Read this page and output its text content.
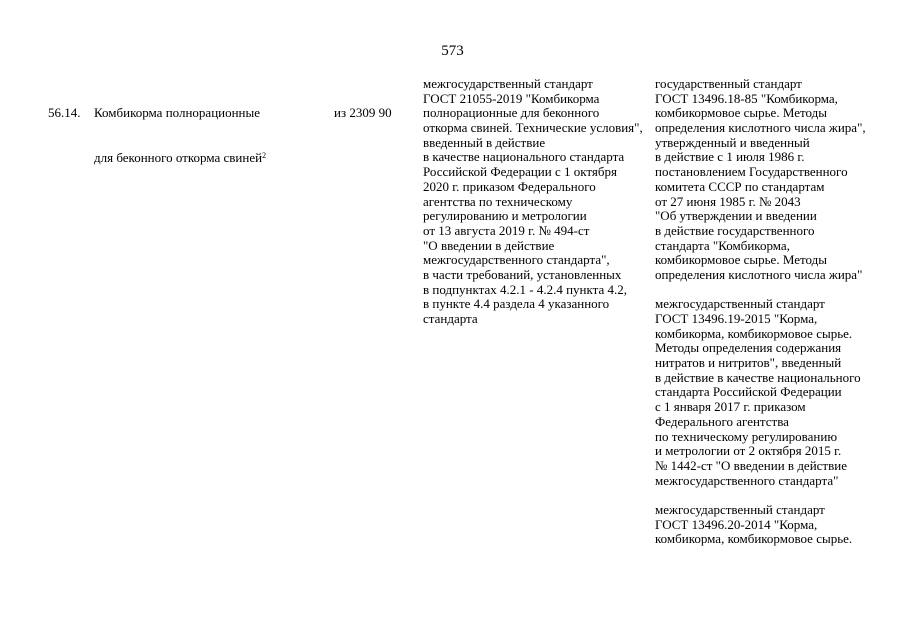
573

56.14.

Комбикорма полнорационные

для беконного откорма свиней$^2$

из 2309 90

межгосударственный стандарт
ГОСТ 21055-2019 "Комбикорма
полнорационные для беконного
откорма свиней. Технические условия",
введенный в действие
в качестве национального стандарта
Российской Федерации с 1 октября
2020 г. приказом Федерального
агентства по техническому
регулированию и метрологии
от 13 августа 2019 г. № 494-ст
"О введении в действие
межгосударственного стандарта",
в части требований, установленных
в подпунктах 4.2.1 - 4.2.4 пункта 4.2,
в пункте 4.4 раздела 4 указанного
стандарта
государственный стандарт
ГОСТ 13496.18-85 "Комбикорма,
комбикормовое сырье. Методы
определения кислотного числа жира",
утвержденный и введенный
в действие с 1 июля 1986 г.
постановлением Государственного
комитета СССР по стандартам
от 27 июня 1985 г. № 2043
"Об утверждении и введении
в действие государственного
стандарта "Комбикорма,
комбикормовое сырье. Методы
определения кислотного числа жира"
межгосударственный стандарт
ГОСТ 13496.19-2015 "Корма,
комбикорма, комбикормовое сырье.
Методы определения содержания
нитратов и нитритов", введенный
в действие в качестве национального
стандарта Российской Федерации
с 1 января 2017 г. приказом
Федерального агентства
по техническому регулированию
и метрологии от 2 октября 2015 г.
№ 1442-ст "О введении в действие
межгосударственного стандарта"
межгосударственный стандарт
ГОСТ 13496.20-2014 "Корма,
комбикорма, комбикормовое сырье.
